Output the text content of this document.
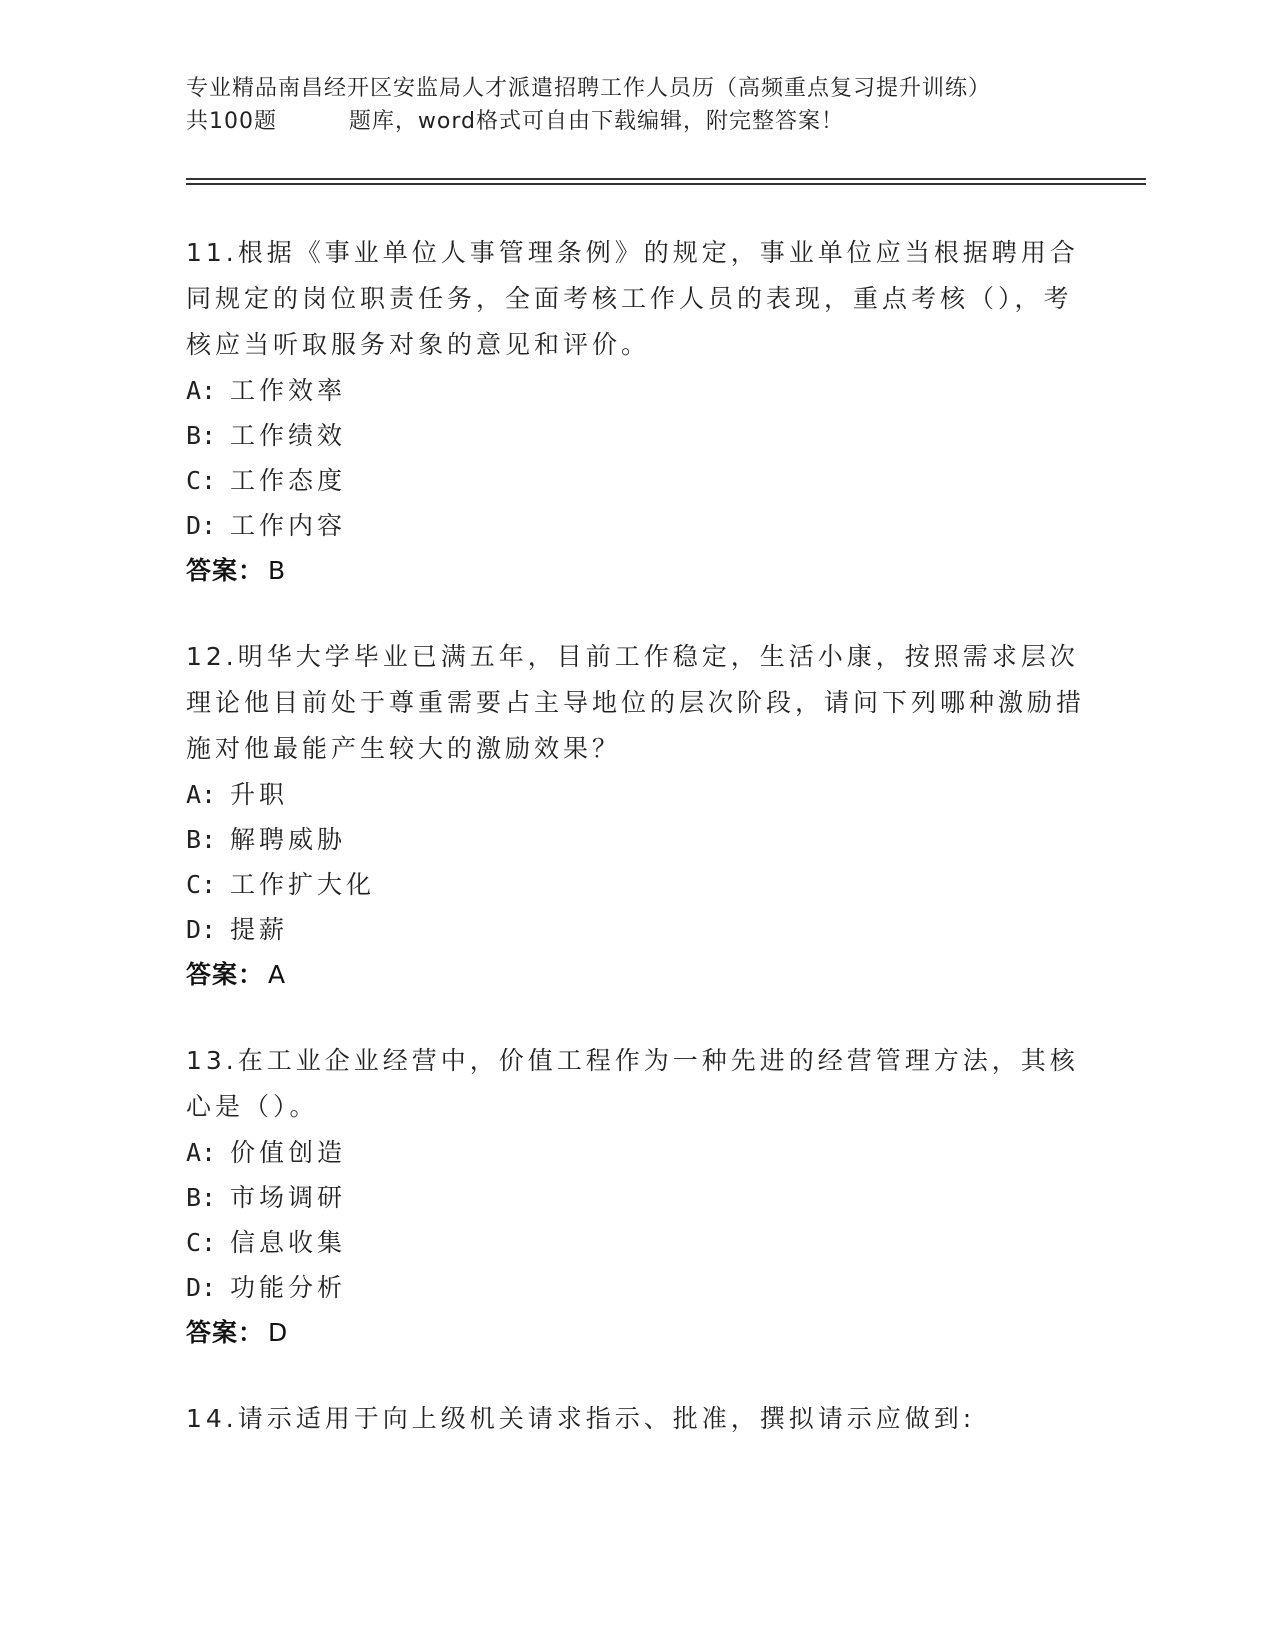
专业精品南昌经开区安监局人才派遣招聘工作人员历（高频重点复习提升训练）
共100题         题库，word格式可自由下载编辑，附完整答案！

11.根据《事业单位人事管理条例》的规定，事业单位应当根据聘用合同规定的岗位职责任务，全面考核工作人员的表现，重点考核（），考核应当听取服务对象的意见和评价。

A: 工作效率

B: 工作绩效

C: 工作态度

D: 工作内容

答案： B

12.明华大学毕业已满五年，目前工作稳定，生活小康，按照需求层次理论他目前处于尊重需要占主导地位的层次阶段，请问下列哪种激励措施对他最能产生较大的激励效果？

A: 升职

B: 解聘威胁

C: 工作扩大化

D: 提薪

答案： A

13.在工业企业经营中，价值工程作为一种先进的经营管理方法，其核心是（）。

A: 价值创造

B: 市场调研

C: 信息收集

D: 功能分析

答案： D

14.请示适用于向上级机关请求指示、批准，撰拟请示应做到:
